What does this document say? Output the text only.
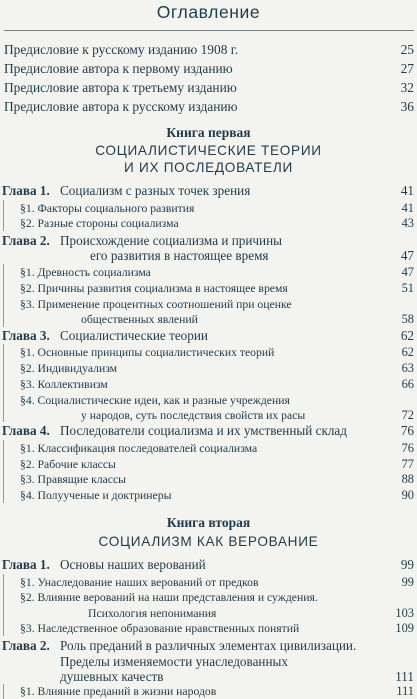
Оглавление
Предисловие к русскому изданию 1908 г.	25
Предисловие автора к первому изданию	27
Предисловие автора к третьему изданию	32
Предисловие автора к русскому изданию	36
Книга первая
СОЦИАЛИСТИЧЕСКИЕ ТЕОРИИ
И ИХ ПОСЛЕДОВАТЕЛИ
Глава 1. Социализм с разных точек зрения	41
§1. Факторы социального развития	41
§2. Разные стороны социализма	43
Глава 2. Происхождение социализма и причины
его развития в настоящее время	47
§1. Древность социализма	47
§2. Причины развития социализма в настоящее время	51
§3. Применение процентных соотношений при оценке
общественных явлений	58
Глава 3. Социалистические теории	62
§1. Основные принципы социалистических теорий	62
§2. Индивидуализм	63
§3. Коллективизм	66
§4. Социалистические идеи, как и разные учреждения
у народов, суть последствия свойств их расы	72
Глава 4. Последователи социализма и их умственный склад	76
§1. Классификация последователей социализма	76
§2. Рабочие классы	77
§3. Правящие классы	88
§4. Полуученые и доктринеры	90
Книга вторая
СОЦИАЛИЗМ КАК ВЕРОВАНИЕ
Глава 1. Основы наших верований	99
§1. Унаследование наших верований от предков	99
§2. Влияние верований на наши представления и суждения.
Психология непонимания	103
§3. Наследственное образование нравственных понятий	109
Глава 2. Роль преданий в различных элементах цивилизации.
Пределы изменяемости унаследованных
душевных качеств	111
§1. Влияние преданий в жизни народов	111
